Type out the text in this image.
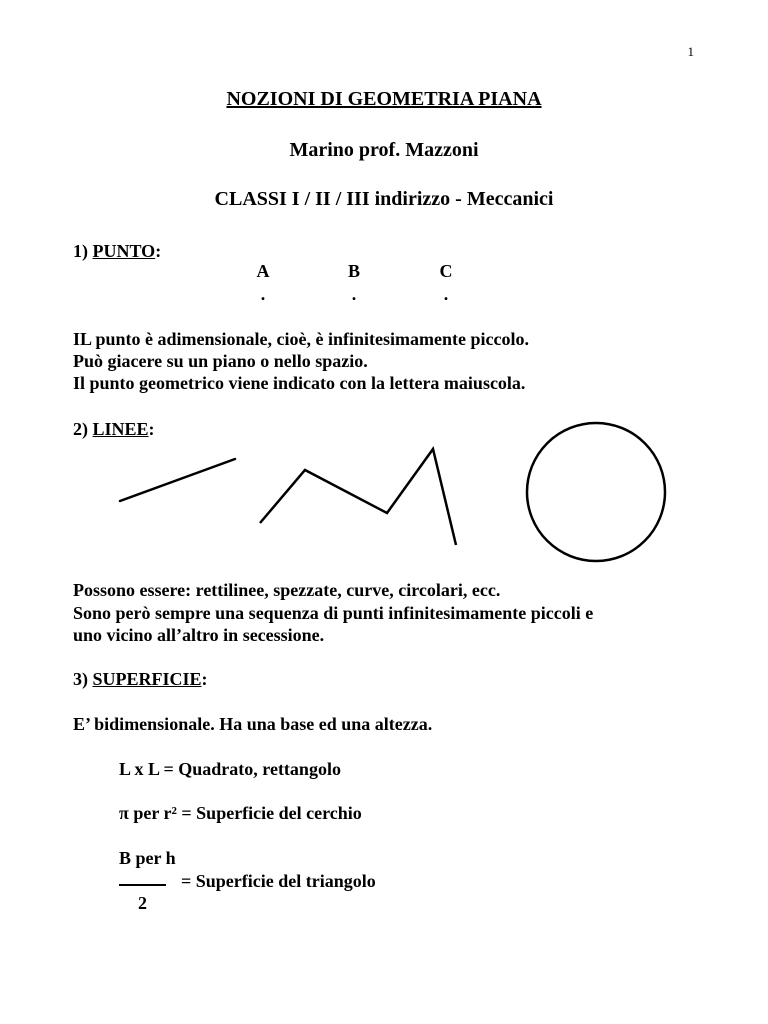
1
NOZIONI DI GEOMETRIA PIANA
Marino prof. Mazzoni
CLASSI I / II / III indirizzo - Meccanici
1) PUNTO:
A	B	C
.	.	.
IL punto è adimensionale, cioè, è infinitesimamente piccolo.
Può giacere su un piano o nello spazio.
Il punto geometrico viene indicato con la lettera maiuscola.
2) LINEE:
Possono essere: rettilinee, spezzate, curve, circolari, ecc.
Sono però sempre una sequenza di punti infinitesimamente piccoli e
uno vicino all’altro in secessione.
3) SUPERFICIE:
E’ bidimensionale. Ha una base ed una altezza.
L x L = Quadrato, rettangolo
π per r² = Superficie del cerchio
B per h
= Superficie del triangolo
2
